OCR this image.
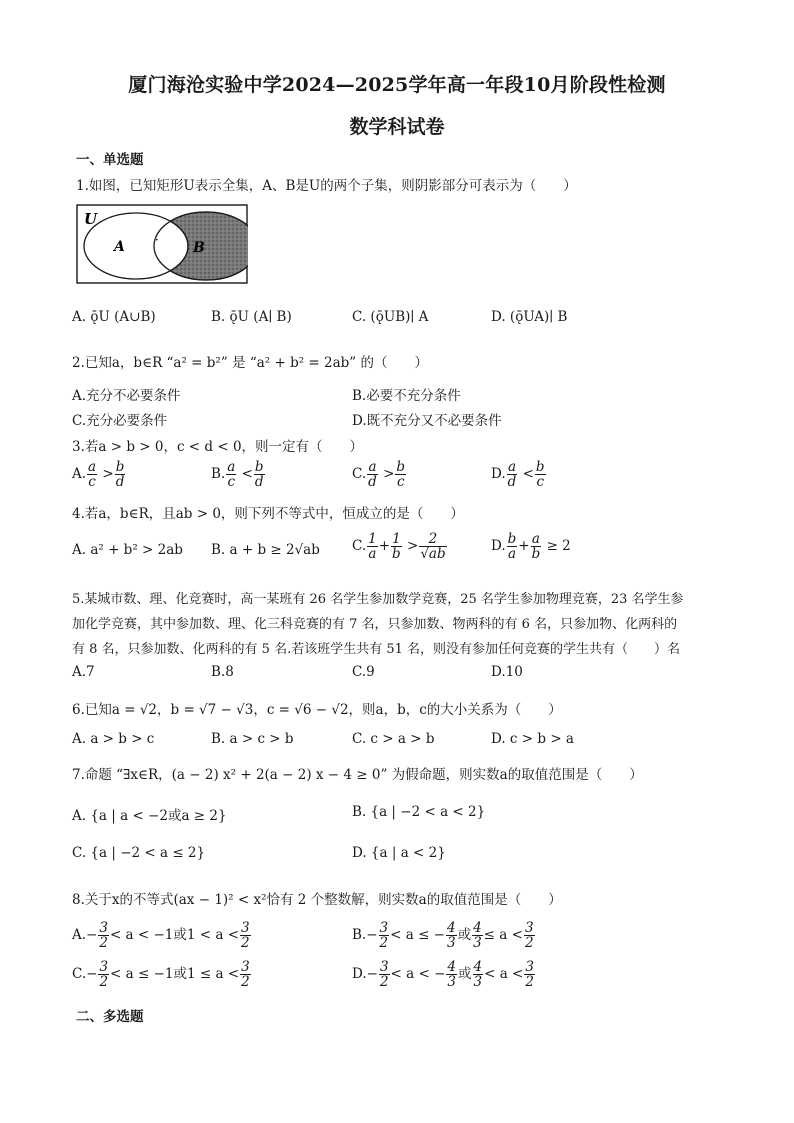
厦门海沧实验中学2024—2025学年高一年段10月阶段性检测
数学科试卷
一、单选题
1.如图，已知矩形U表示全集，A、B是U的两个子集，则阴影部分可表示为（　　）
U
A	B
·
A. ǭU (A∪B)	B. ǭU (A∣ B)	C. (ǭUB)∣ A	D. (ǭUA)∣ B
2.已知a，b∈R “a² = b²” 是 “a² + b² = 2ab” 的（　　）
A.充分不必要条件	B.必要不充分条件
C.充分必要条件	D.既不充分又不必要条件
3.若a > b > 0，c < d < 0，则一定有（　　）
A. $\frac{a}{c} > \frac{b}{d}$	B. $\frac{a}{c} < \frac{b}{d}$	C. $\frac{a}{d} > \frac{b}{c}$	D. $\frac{a}{d} < \frac{b}{c}$
4.若a，b∈R，且ab > 0，则下列不等式中，恒成立的是（　　）
A. a² + b² > 2ab B. a + b ≥ 2√ab C. $\frac{1}{a} + \frac{1}{b} > \frac{2}{√ab}$	D. $\frac{b}{a} + \frac{a}{b} \ge 2$
5.某城市数、理、化竞赛时，高一某班有 26 名学生参加数学竞赛，25 名学生参加物理竞赛，23 名学生参
加化学竞赛，其中参加数、理、化三科竞赛的有 7 名，只参加数、物两科的有 6 名，只参加物、化两科的
有 8 名，只参加数、化两科的有 5 名.若该班学生共有 51 名，则没有参加任何竞赛的学生共有（　　）名
A.7	B.8	C.9	D.10
6.已知a = √2，b = √7 − √3，c = √6 − √2，则a，b，c的大小关系为（　　）
A. a > b > c	B. a > c > b	C. c > a > b	D. c > b > a
7.命题 “∃x∈R，(a − 2) x² + 2(a − 2) x − 4 ≥ 0” 为假命题，则实数a的取值范围是（　　）
A. {a | a < −2或a ≥ 2}	B. {a | −2 < a < 2}
C. {a | −2 < a ≤ 2}	D. {a | a < 2}
8.关于x的不等式(ax − 1)² < x²恰有 2 个整数解，则实数a的取值范围是（　　）
$A.- \frac{3}{2} < a < -1$或$1 < a < \frac{3}{2}$	$B.- \frac{3}{2} < a$ ≤ − $\frac{4}{3}$ 或 $\frac{4}{3} \le a < \frac{3}{2}$
$C.- \frac{3}{2} < a \le -1$或$1 \le a < \frac{3}{2}$	$D.- \frac{3}{2} < a$ < − $\frac{4}{3}$ 或 $\frac{4}{3} < a < \frac{3}{2}$
二、多选题
